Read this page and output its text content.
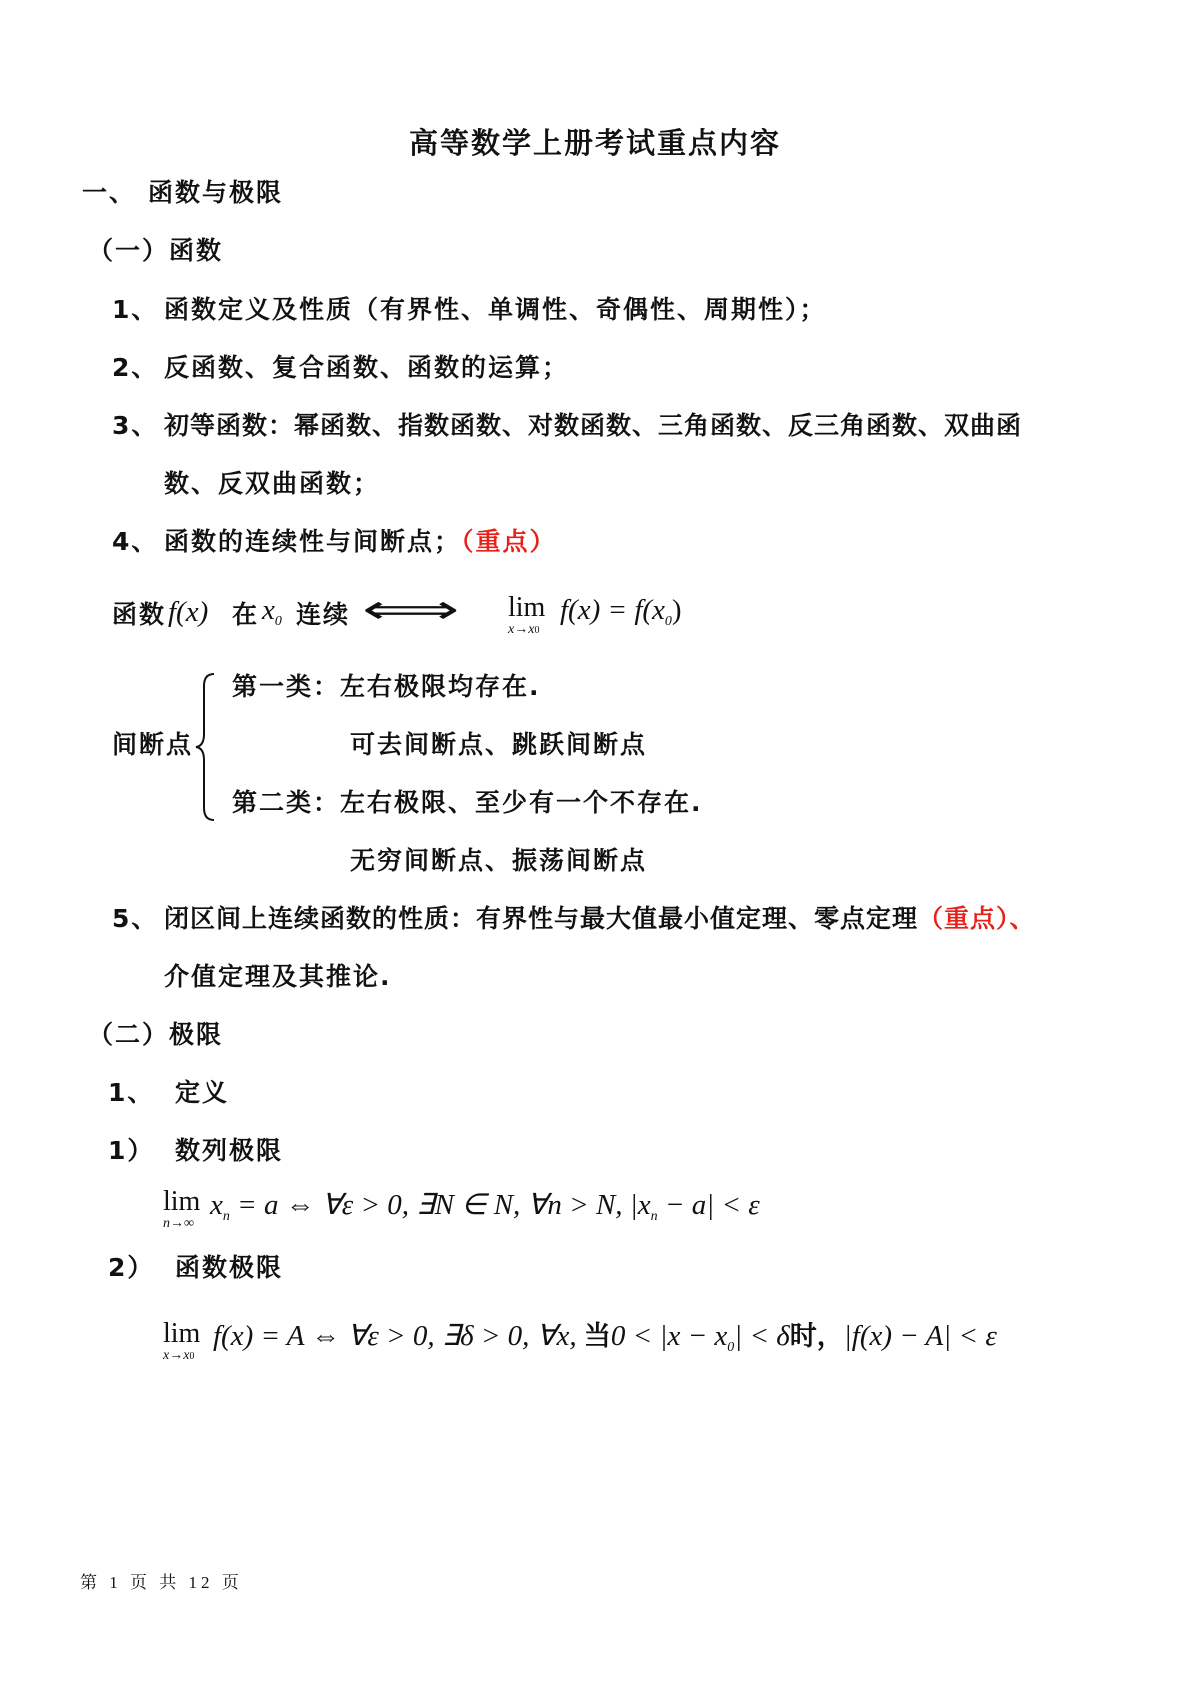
高等数学上册考试重点内容
一、 函数与极限
（一）函数
1、 函数定义及性质（有界性、单调性、奇偶性、周期性）；
2、 反函数、复合函数、函数的运算；
3、 初等函数：幂函数、指数函数、对数函数、三角函数、反三角函数、双曲函
数、反双曲函数；
4、 函数的连续性与间断点；（重点）
函数 f(x) 在 $x_0$ 连续 ⟺ lim
x→x0
$f(x) = f(x_0)$
间断点
第一类：左右极限均存在.
可去间断点、跳跃间断点
第二类：左右极限、至少有一个不存在.
无穷间断点、振荡间断点
5、 闭区间上连续函数的性质：有界性与最大值最小值定理、零点定理（重点）、
介值定理及其推论.
（二）极限
1、 定义
1） 数列极限
lim
n→∞
$x_n = a$ ⇔ ∀ε > 0, ∃N ∈ N, ∀n > N, $|x_n - a| < \varepsilon$
2） 函数极限
lim
x→x0
f(x) = A ⇔ ∀ε > 0, ∃δ > 0, ∀x, 当$0 < |x - x_0| < \delta$时，|f(x) − A| < ε
第 1 页 共 12 页
